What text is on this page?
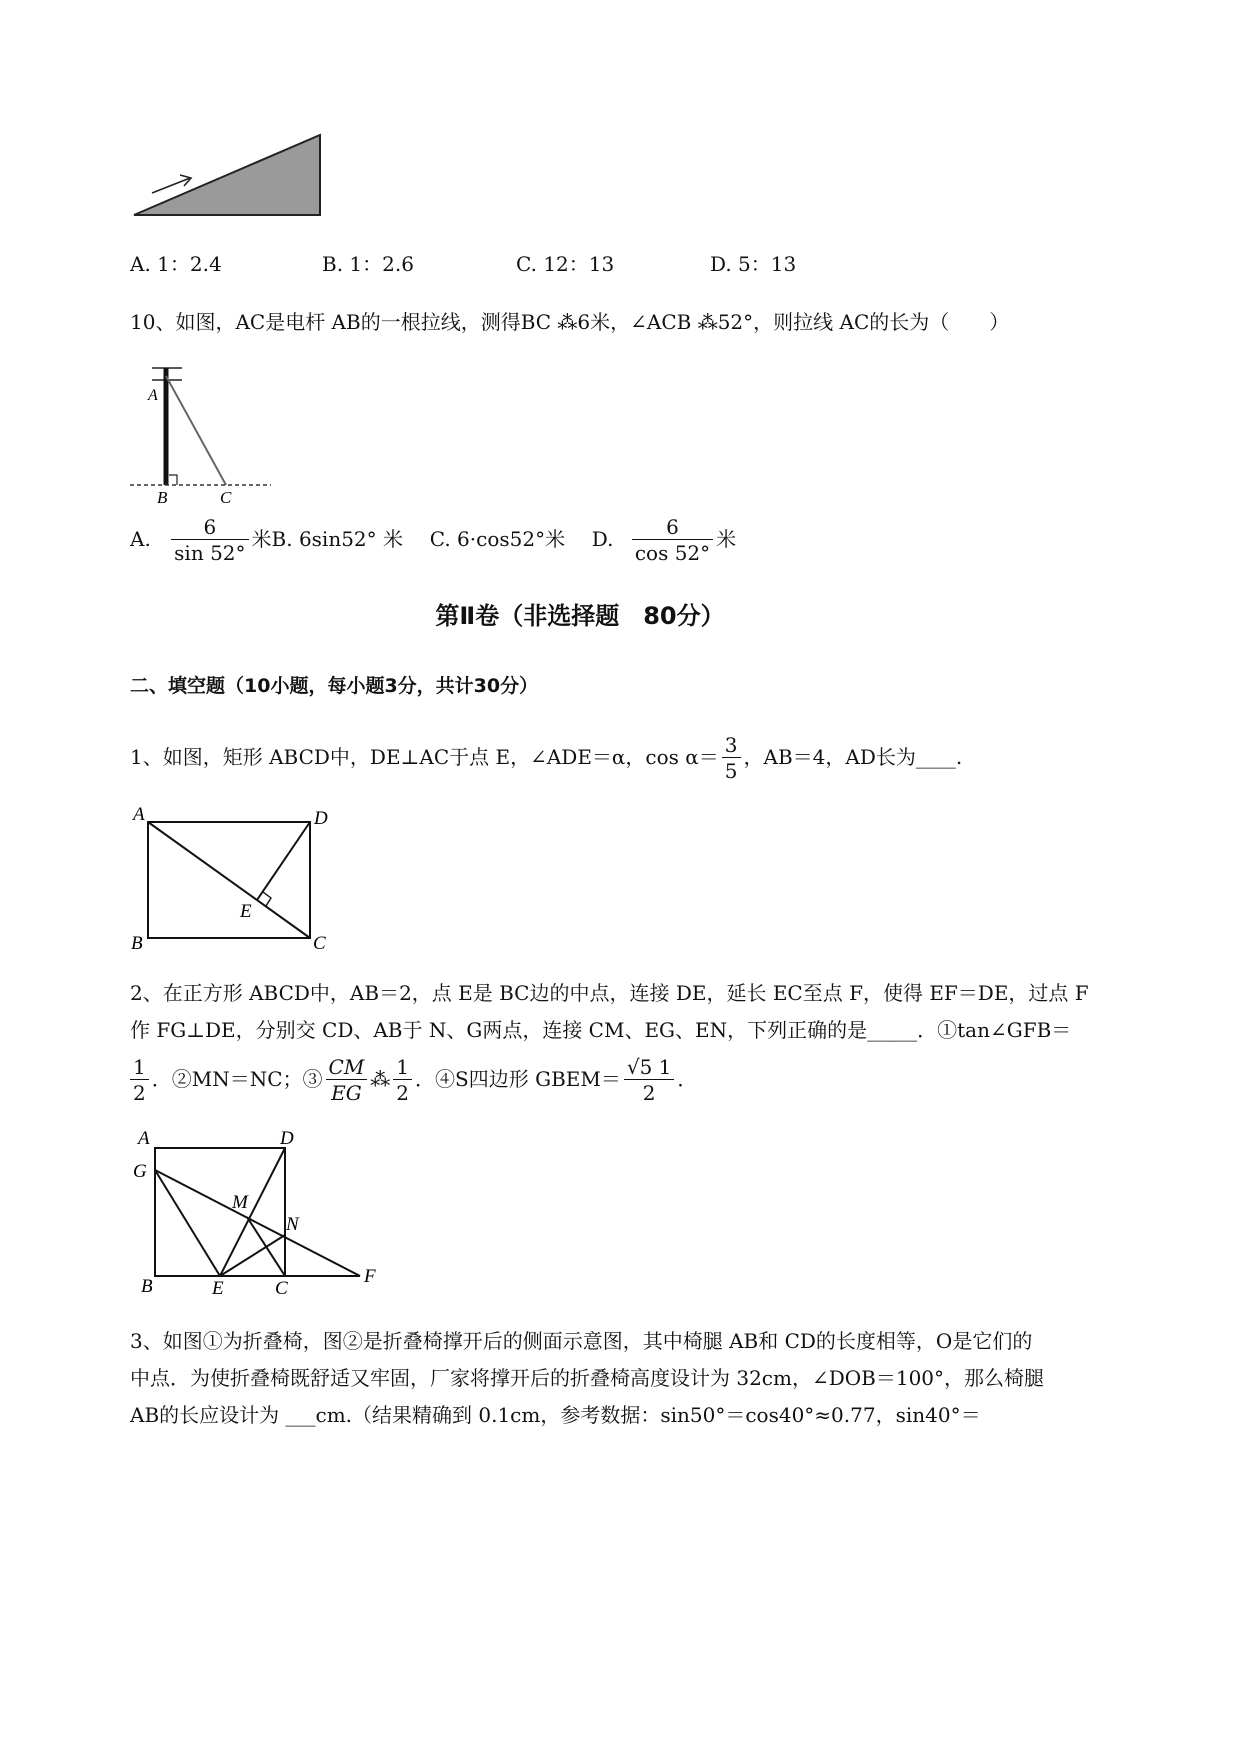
A. 1：2.4	B. 1：2.6	C. 12：13	D. 5：13
10、如图，AC是电杆 AB的一根拉线，测得BC ⁂6米，∠ACB ⁂52°，则拉线 AC的长为（　　）
A
B	C
A. $\frac{6}{\sin 52^\circ}$ 米B. 6sin52° 米 C. 6·cos52°米 D. $\frac{6}{\cos 52^\circ}$ 米
第Ⅱ卷（非选择题　80分）
二、填空题（10小题，每小题3分，共计30分）
1、如图，矩形 ABCD中，DE⊥AC于点 E，∠ADE＝α，$\cos \alpha= \frac{3}{5}$ ，AB＝4，AD长为____.
A	D
B	C
E
2、在正方形 ABCD中，AB＝2，点 E是 BC边的中点，连接 DE，延长 EC至点 F，使得 EF＝DE，过点 F
作 FG⊥DE，分别交 CD、AB于 N、G两点，连接 CM、EG、EN，下列正确的是_____．①tan∠GFB＝
$\frac{1}{2}$ ．②MN＝NC；③ $\frac{CM}{EG}$ ⁂ $\frac{1}{2}$ ．④S四边形 GBEM＝ $\frac{√5 1}{2}$ ．
A	D
G
M
N
B	E	C
F
3、如图①为折叠椅，图②是折叠椅撑开后的侧面示意图，其中椅腿 AB和 CD的长度相等，O是它们的
中点．为使折叠椅既舒适又牢固，厂家将撑开后的折叠椅高度设计为 32cm，∠DOB＝100°，那么椅腿
AB的长应设计为 ___cm.（结果精确到 0.1cm，参考数据：sin50°＝cos40°≈0.77，sin40°＝
